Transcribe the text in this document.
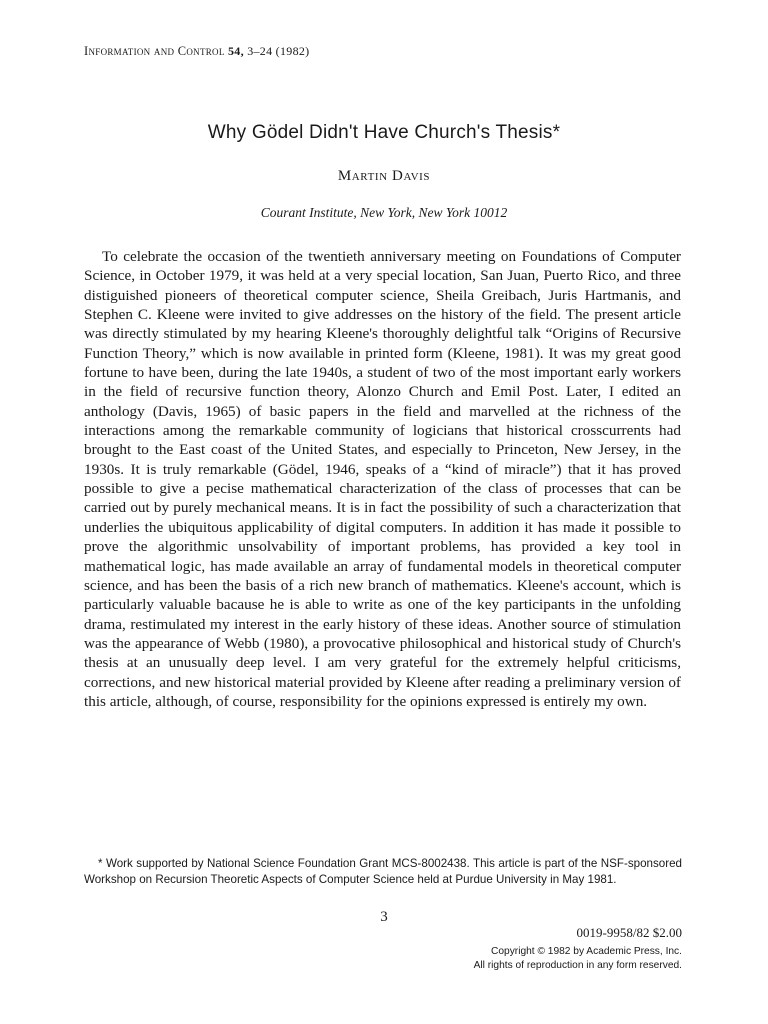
Information and Control 54, 3–24 (1982)
Why Gödel Didn't Have Church's Thesis*
Martin Davis
Courant Institute, New York, New York 10012

To celebrate the occasion of the twentieth anniversary meeting on Foundations of Computer Science, in October 1979, it was held at a very special location, San Juan, Puerto Rico, and three distiguished pioneers of theoretical computer science, Sheila Greibach, Juris Hartmanis, and Stephen C. Kleene were invited to give addresses on the history of the field. The present article was directly stimulated by my hearing Kleene's thoroughly delightful talk “Origins of Recursive Function Theory,” which is now available in printed form (Kleene, 1981). It was my great good fortune to have been, during the late 1940s, a student of two of the most important early workers in the field of recursive function theory, Alonzo Church and Emil Post. Later, I edited an anthology (Davis, 1965) of basic papers in the field and marvelled at the richness of the interactions among the remarkable community of logicians that historical crosscurrents had brought to the East coast of the United States, and especially to Princeton, New Jersey, in the 1930s. It is truly remarkable (Gödel, 1946, speaks of a “kind of miracle”) that it has proved possible to give a pecise mathematical characterization of the class of processes that can be carried out by purely mechanical means. It is in fact the possibility of such a characterization that underlies the ubiquitous applicability of digital computers. In addition it has made it possible to prove the algorithmic unsolvability of important problems, has provided a key tool in mathematical logic, has made available an array of fundamental models in theoretical computer science, and has been the basis of a rich new branch of mathematics. Kleene's account, which is particularly valuable bacause he is able to write as one of the key participants in the unfolding drama, restimulated my interest in the early history of these ideas. Another source of stimulation was the appearance of Webb (1980), a provocative philosophical and historical study of Church's thesis at an unusually deep level. I am very grateful for the extremely helpful criticisms, corrections, and new historical material provided by Kleene after reading a preliminary version of this article, although, of course, responsibility for the opinions expressed is entirely my own.

* Work supported by National Science Foundation Grant MCS-8002438. This article is part of the NSF-sponsored Workshop on Recursion Theoretic Aspects of Computer Science held at Purdue University in May 1981.

3
0019-9958/82 $2.00
Copyright © 1982 by Academic Press, Inc.
All rights of reproduction in any form reserved.
